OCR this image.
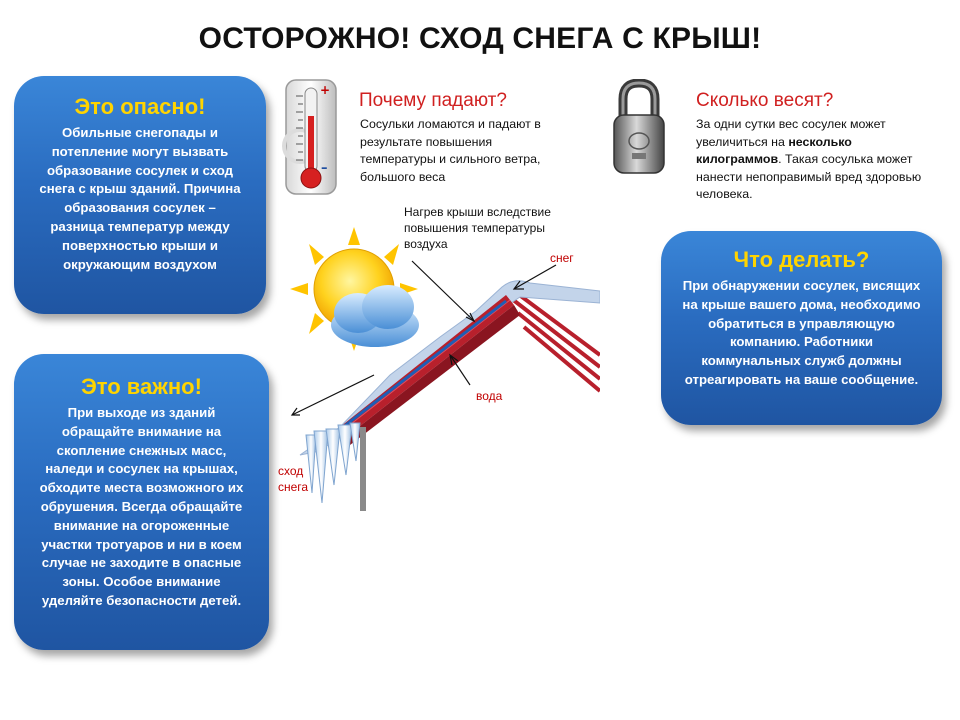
ОСТОРОЖНО! СХОД СНЕГА С КРЫШ!
Это опасно!

Обильные снегопады и потепление могут вызвать образование сосулек и сход снега с крыш зданий. Причина образования сосулек – разница температур между поверхностью крыши и окружающим воздухом

Это важно!

При выходе из зданий обращайте внимание на скопление снежных масс, наледи и сосулек на крышах, обходите места возможного их обрушения. Всегда обращайте внимание на огороженные участки тротуаров и ни в коем случае не заходите в опасные зоны. Особое внимание уделяйте безопасности детей.

Что делать?

При обнаружении сосулек, висящих на крыше вашего дома, необходимо обратиться в управляющую компанию. Работники коммунальных служб должны отреагировать на ваше сообщение.

+
–
Почему падают?
Сосульки ломаются и падают в результате повышения температуры и сильного ветра, большого веса
Сколько весят?
За одни сутки вес сосулек может увеличиться на несколько килограммов. Такая сосулька может нанести непоправимый вред здоровью человека.
Нагрев крыши вследствие повышения температуры воздуха
снег
вода
сход снега
